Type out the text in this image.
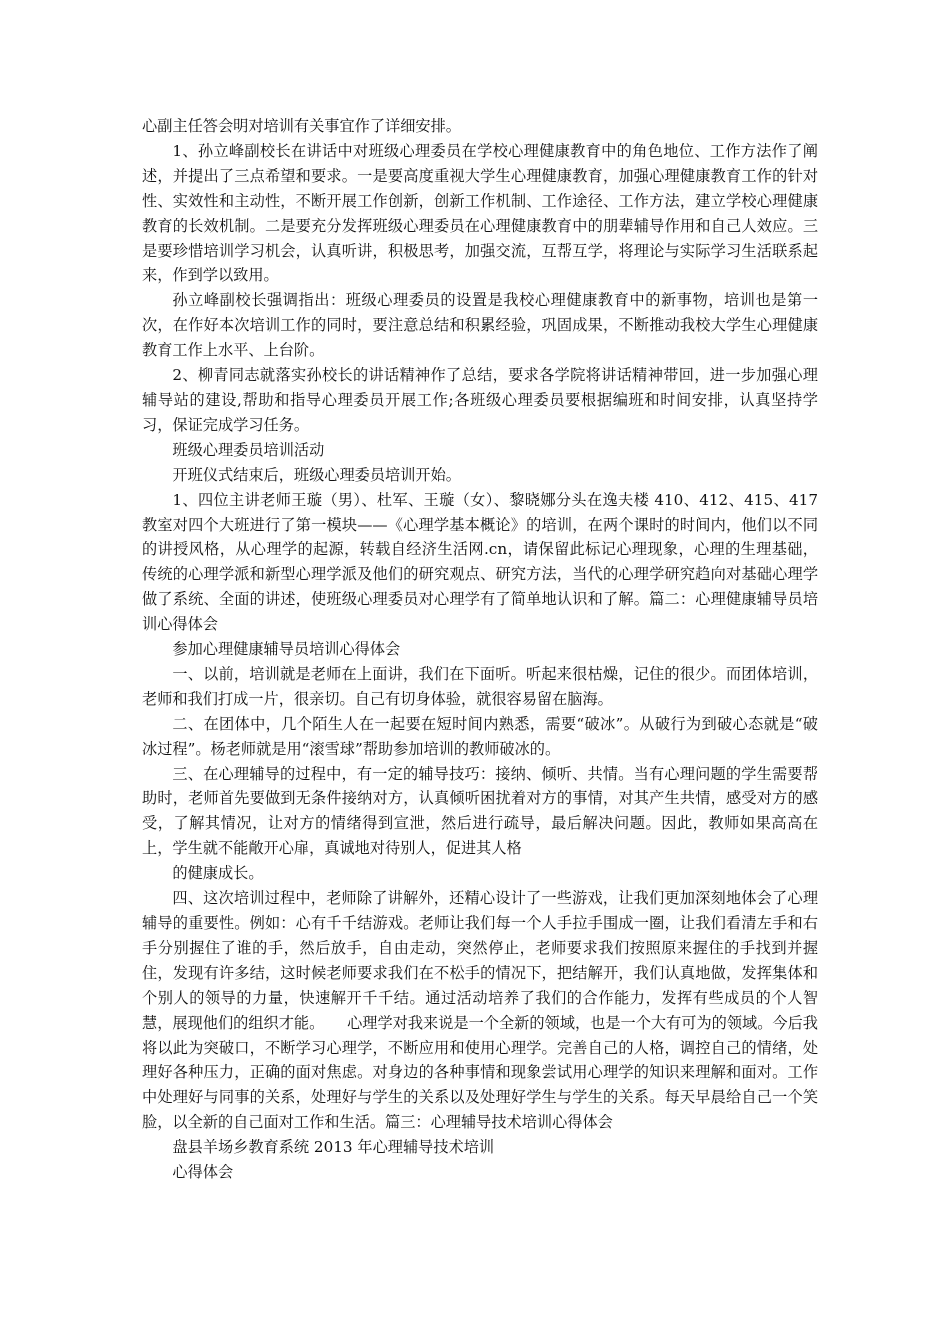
心副主任答会明对培训有关事宜作了详细安排。

1、孙立峰副校长在讲话中对班级心理委员在学校心理健康教育中的角色地位、工作方法作了阐述，并提出了三点希望和要求。一是要高度重视大学生心理健康教育，加强心理健康教育工作的针对性、实效性和主动性，不断开展工作创新，创新工作机制、工作途径、工作方法，建立学校心理健康教育的长效机制。二是要充分发挥班级心理委员在心理健康教育中的朋辈辅导作用和自己人效应。三是要珍惜培训学习机会，认真听讲，积极思考，加强交流，互帮互学，将理论与实际学习生活联系起来，作到学以致用。

孙立峰副校长强调指出：班级心理委员的设置是我校心理健康教育中的新事物，培训也是第一次，在作好本次培训工作的同时，要注意总结和积累经验，巩固成果，不断推动我校大学生心理健康教育工作上水平、上台阶。

2、柳青同志就落实孙校长的讲话精神作了总结，要求各学院将讲话精神带回，进一步加强心理辅导站的建设,帮助和指导心理委员开展工作;各班级心理委员要根据编班和时间安排，认真坚持学习，保证完成学习任务。

班级心理委员培训活动

开班仪式结束后，班级心理委员培训开始。

1、四位主讲老师王璇（男）、杜军、王璇（女）、黎晓娜分头在逸夫楼 410、412、415、417 教室对四个大班进行了第一模块——《心理学基本概论》的培训，在两个课时的时间内，他们以不同的讲授风格，从心理学的起源，转载自经济生活网.cn，请保留此标记心理现象，心理的生理基础，传统的心理学派和新型心理学派及他们的研究观点、研究方法，当代的心理学研究趋向对基础心理学做了系统、全面的讲述，使班级心理委员对心理学有了简单地认识和了解。篇二：心理健康辅导员培训心得体会

参加心理健康辅导员培训心得体会

一、以前，培训就是老师在上面讲，我们在下面听。听起来很枯燥，记住的很少。而团体培训，老师和我们打成一片，很亲切。自己有切身体验，就很容易留在脑海。

二、在团体中，几个陌生人在一起要在短时间内熟悉，需要“破冰”。从破行为到破心态就是“破冰过程”。杨老师就是用“滚雪球”帮助参加培训的教师破冰的。

三、在心理辅导的过程中，有一定的辅导技巧：接纳、倾听、共情。当有心理问题的学生需要帮助时，老师首先要做到无条件接纳对方，认真倾听困扰着对方的事情，对其产生共情，感受对方的感受，了解其情况，让对方的情绪得到宣泄，然后进行疏导，最后解决问题。因此，教师如果高高在上，学生就不能敞开心扉，真诚地对待别人，促进其人格

的健康成长。

四、这次培训过程中，老师除了讲解外，还精心设计了一些游戏，让我们更加深刻地体会了心理辅导的重要性。例如：心有千千结游戏。老师让我们每一个人手拉手围成一圈，让我们看清左手和右手分别握住了谁的手，然后放手，自由走动，突然停止，老师要求我们按照原来握住的手找到并握住，发现有许多结，这时候老师要求我们在不松手的情况下，把结解开，我们认真地做，发挥集体和个别人的领导的力量，快速解开千千结。通过活动培养了我们的合作能力，发挥有些成员的个人智慧，展现他们的组织才能。　　心理学对我来说是一个全新的领域，也是一个大有可为的领域。今后我将以此为突破口，不断学习心理学，不断应用和使用心理学。完善自己的人格，调控自己的情绪，处理好各种压力，正确的面对焦虑。对身边的各种事情和现象尝试用心理学的知识来理解和面对。工作中处理好与同事的关系，处理好与学生的关系以及处理好学生与学生的关系。每天早晨给自己一个笑脸，以全新的自己面对工作和生活。篇三：心理辅导技术培训心得体会

盘县羊场乡教育系统 2013 年心理辅导技术培训

心得体会
